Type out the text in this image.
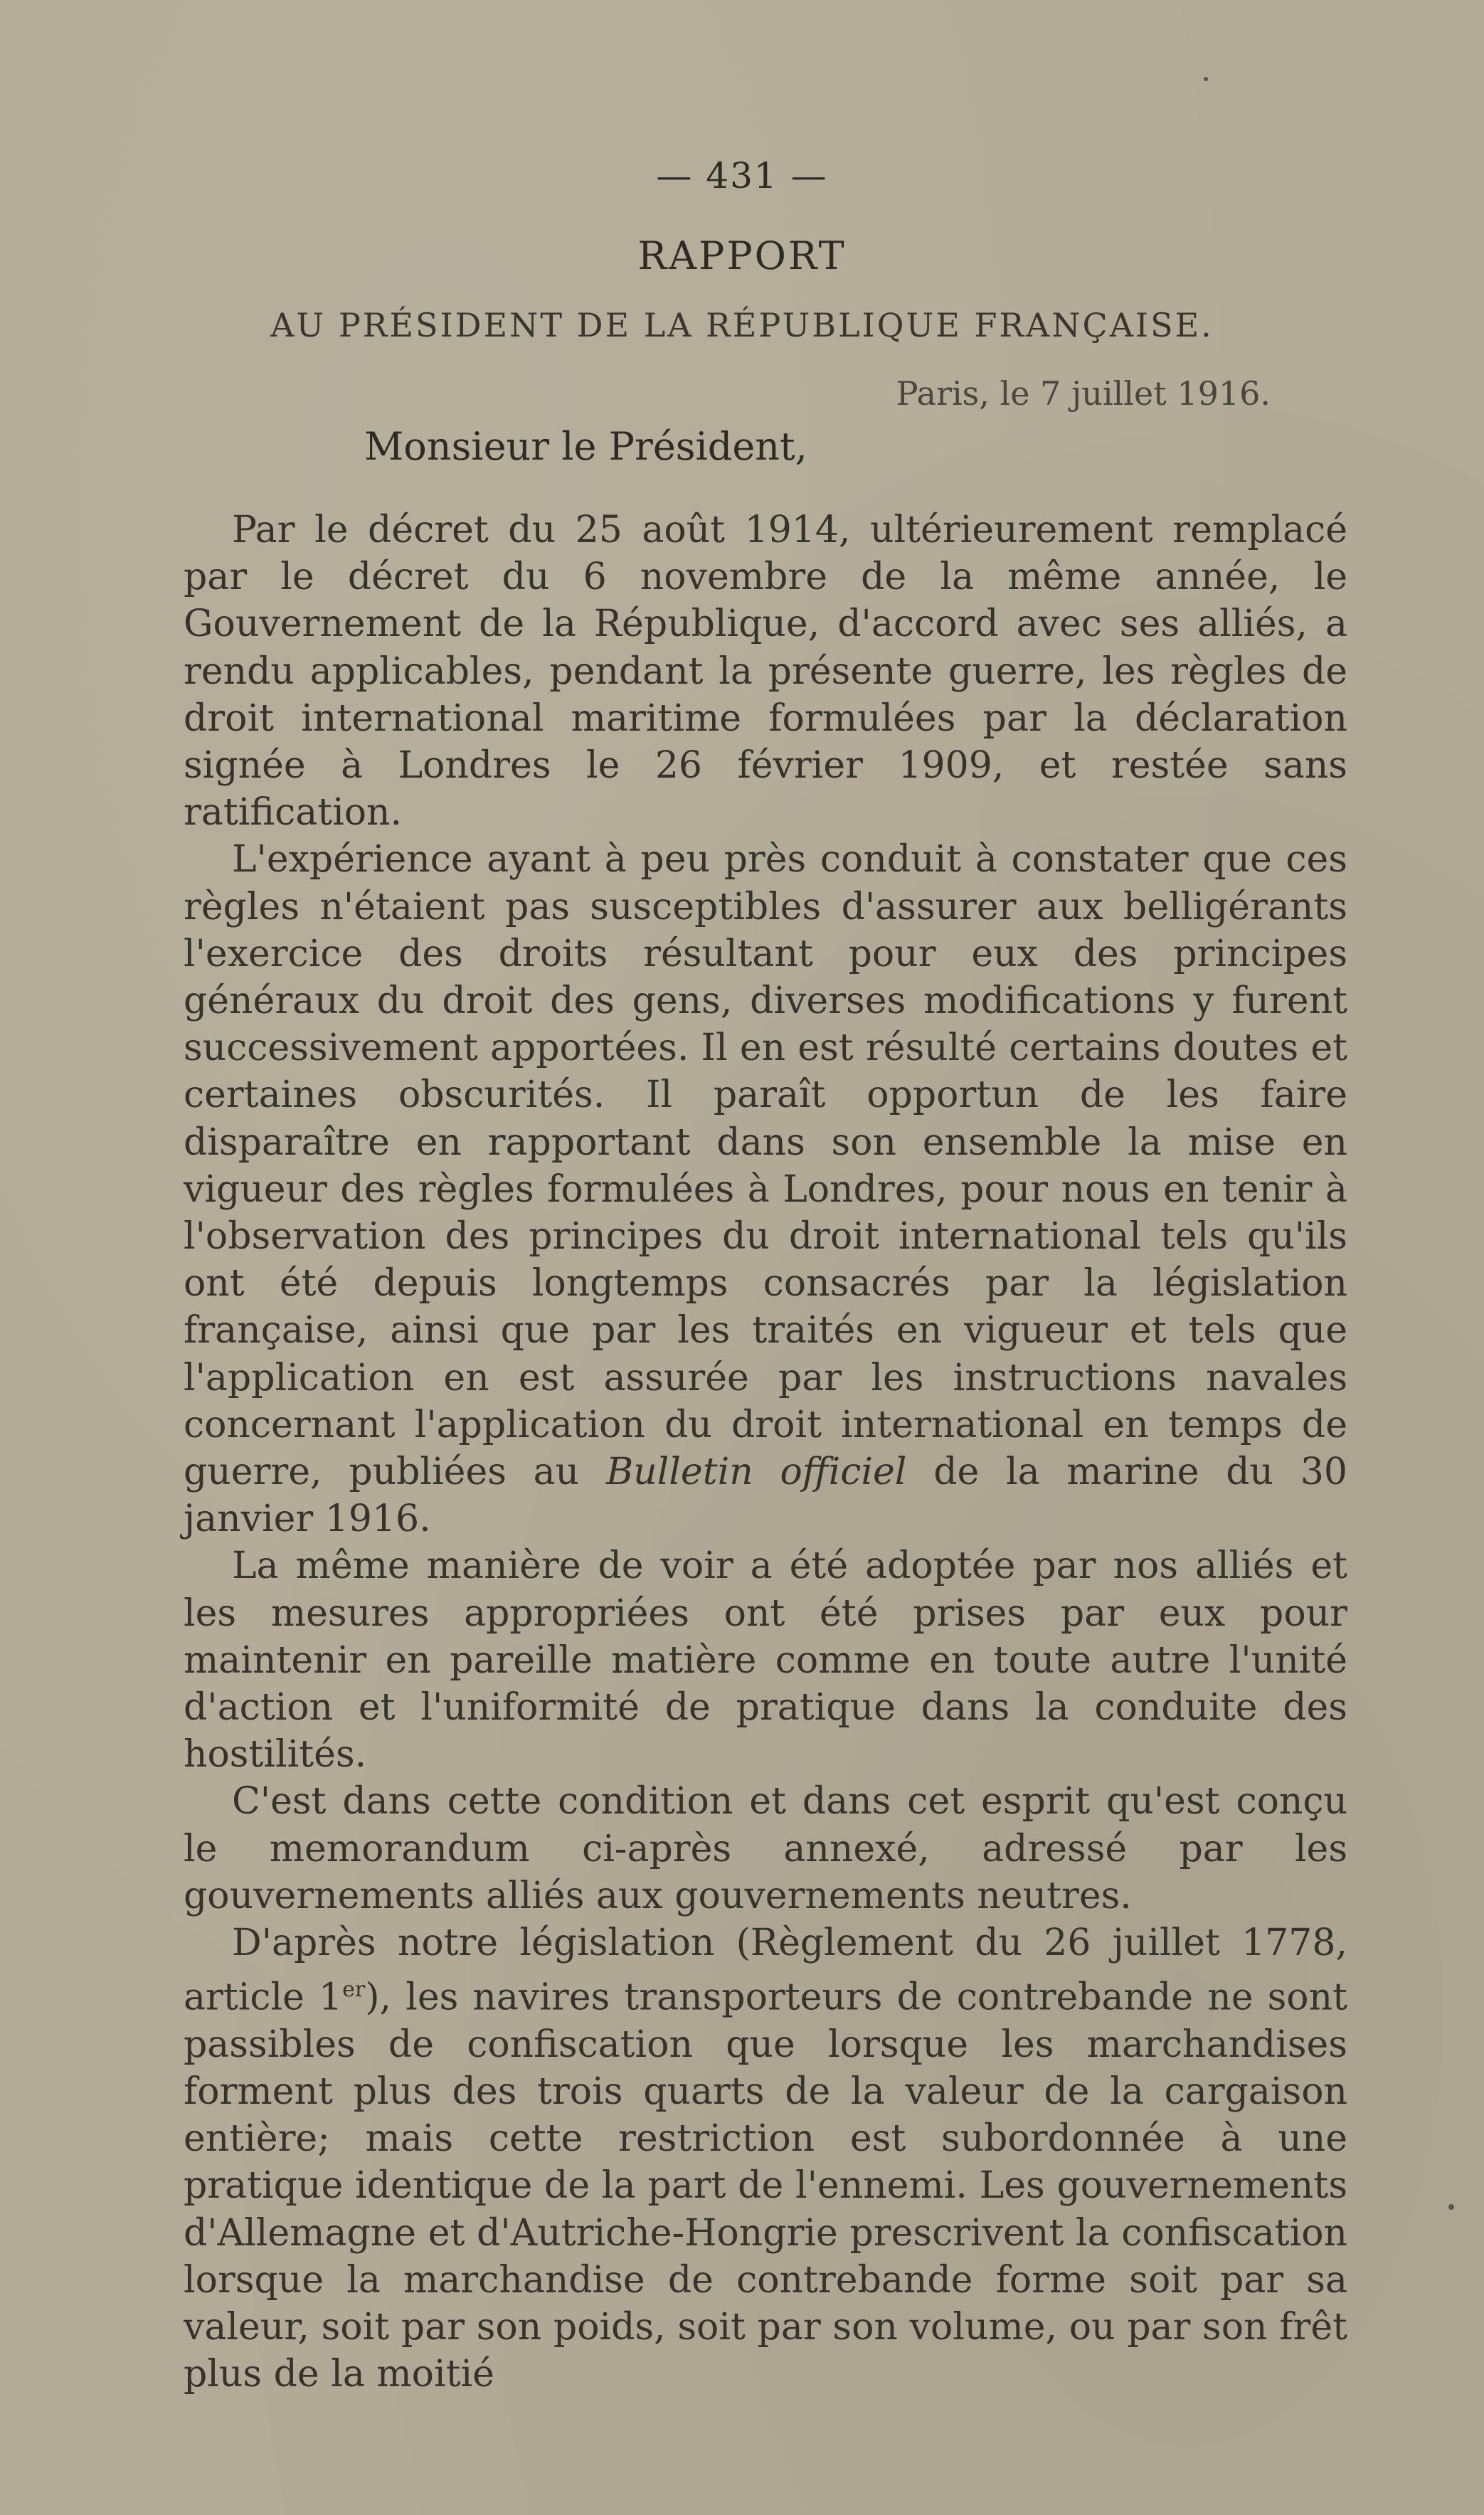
— 431 —
RAPPORT
AU PRÉSIDENT DE LA RÉPUBLIQUE FRANÇAISE.
Paris, le 7 juillet 1916.
Monsieur le Président,

Par le décret du 25 août 1914, ultérieurement remplacé par le décret du 6 novembre de la même année, le Gouvernement de la République, d'accord avec ses alliés, a rendu applicables, pendant la présente guerre, les règles de droit international maritime formulées par la déclaration signée à Londres le 26 février 1909, et restée sans ratification.

L'expérience ayant à peu près conduit à constater que ces règles n'étaient pas susceptibles d'assurer aux belligérants l'exercice des droits résultant pour eux des principes généraux du droit des gens, diverses modifications y furent successivement apportées. Il en est résulté certains doutes et certaines obscurités. Il paraît opportun de les faire disparaître en rapportant dans son ensemble la mise en vigueur des règles formulées à Londres, pour nous en tenir à l'observation des principes du droit international tels qu'ils ont été depuis longtemps consacrés par la législation française, ainsi que par les traités en vigueur et tels que l'application en est assurée par les instructions navales concernant l'application du droit international en temps de guerre, publiées au Bulletin officiel de la marine du 30 janvier 1916.

La même manière de voir a été adoptée par nos alliés et les mesures appropriées ont été prises par eux pour maintenir en pareille matière comme en toute autre l'unité d'action et l'uniformité de pratique dans la conduite des hostilités.

C'est dans cette condition et dans cet esprit qu'est conçu le memorandum ci-après annexé, adressé par les gouvernements alliés aux gouvernements neutres.

D'après notre législation (Règlement du 26 juillet 1778, article 1er), les navires transporteurs de contrebande ne sont passibles de confiscation que lorsque les marchandises forment plus des trois quarts de la valeur de la cargaison entière; mais cette restriction est subordonnée à une pratique identique de la part de l'ennemi. Les gouvernements d'Allemagne et d'Autriche-Hongrie prescrivent la confiscation lorsque la marchandise de contrebande forme soit par sa valeur, soit par son poids, soit par son volume, ou par son frêt plus de la moitié
